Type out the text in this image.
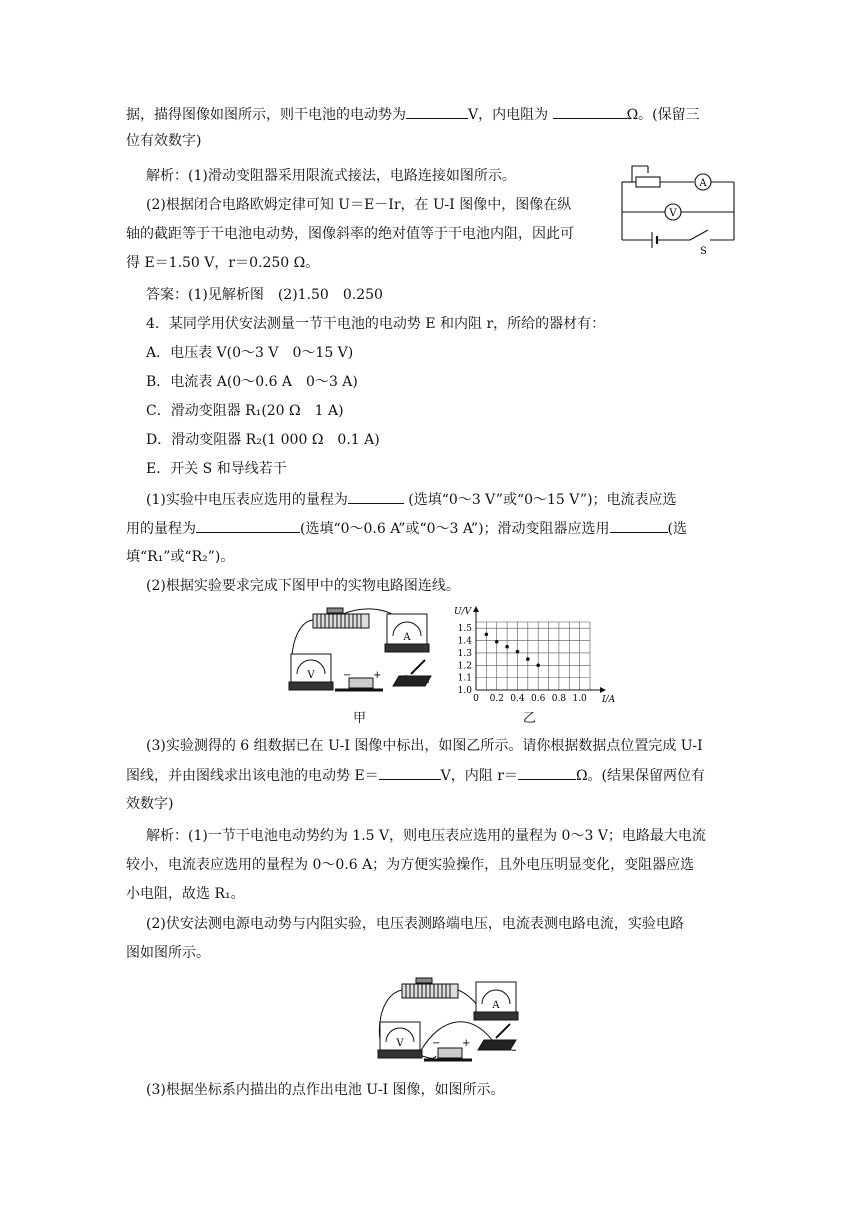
据，描得图像如图所示，则干电池的电动势为	V，内电阻为	Ω。(保留三
位有效数字)
解析：(1)滑动变阻器采用限流式接法，电路连接如图所示。
(2)根据闭合电路欧姆定律可知 U＝E－Ir，在 U-I 图像中，图像在纵
轴的截距等于干电池电动势，图像斜率的绝对值等于干电池内阻，因此可
得 E＝1.50 V，r＝0.250 Ω。
答案：(1)见解析图　(2)1.50　0.250
4．某同学用伏安法测量一节干电池的电动势 E 和内阻 r，所给的器材有：
A．电压表 V(0～3 V　0～15 V)
B．电流表 A(0～0.6 A　0～3 A)
C．滑动变阻器 R₁(20 Ω　1 A)
D．滑动变阻器 R₂(1 000 Ω　0.1 A)
E．开关 S 和导线若干
(1)实验中电压表应选用的量程为	(选填“0～3 V”或“0～15 V”)；电流表应选
用的量程为	(选填“0～0.6 A”或“0～3 A”)；滑动变阻器应选用	(选
填“R₁”或“R₂”)。
(2)根据实验要求完成下图甲中的实物电路图连线。
A
V
S
A
V	− +
甲
1.0
1.1
1.2
1.3
1.4
1.5
0 0.2 0.4 0.6 0.8 1.0
U/V
I/A
乙
(3)实验测得的 6 组数据已在 U-I 图像中标出，如图乙所示。请你根据数据点位置完成 U-I
图线，并由图线求出该电池的电动势 E＝	V，内阻 r＝	Ω。(结果保留两位有
效数字)
解析：(1)一节干电池电动势约为 1.5 V，则电压表应选用的量程为 0～3 V；电路最大电流
较小，电流表应选用的量程为 0～0.6 A；为方便实验操作，且外电压明显变化，变阻器应选
小电阻，故选 R₁。
(2)伏安法测电源电动势与内阻实验，电压表测路端电压，电流表测电路电流，实验电路
图如图所示。
A
V	− +
(3)根据坐标系内描出的点作出电池 U-I 图像，如图所示。
